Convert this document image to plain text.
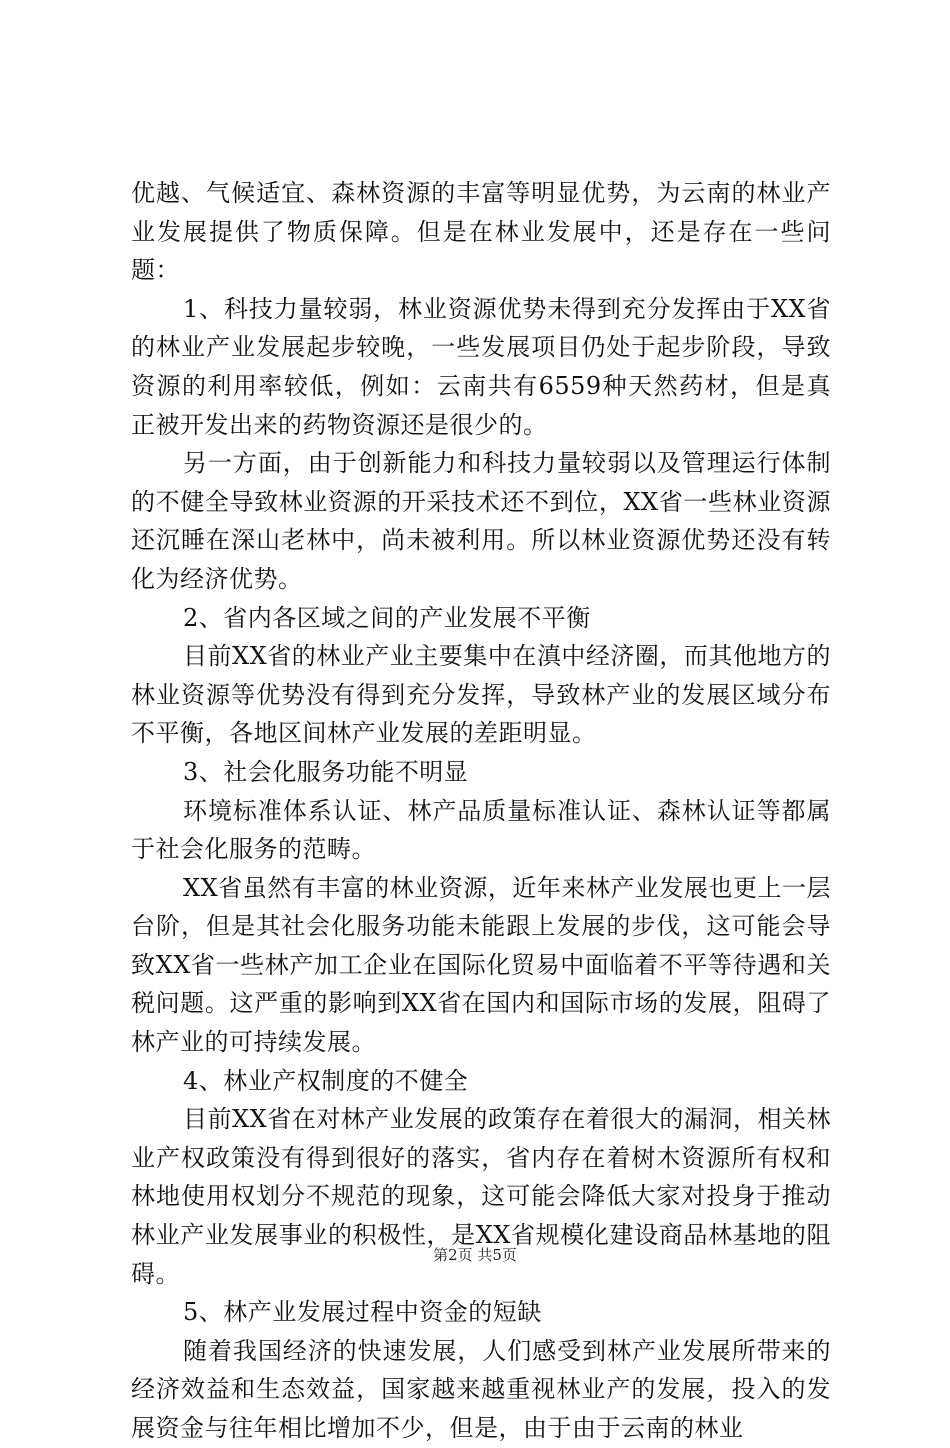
优越、气候适宜、森林资源的丰富等明显优势，为云南的林业产业发展提供了物质保障。但是在林业发展中，还是存在一些问题：

1、科技力量较弱，林业资源优势未得到充分发挥由于XX省的林业产业发展起步较晚，一些发展项目仍处于起步阶段，导致资源的利用率较低，例如：云南共有6559种天然药材，但是真正被开发出来的药物资源还是很少的。

另一方面，由于创新能力和科技力量较弱以及管理运行体制的不健全导致林业资源的开采技术还不到位，XX省一些林业资源还沉睡在深山老林中，尚未被利用。所以林业资源优势还没有转化为经济优势。

2、省内各区域之间的产业发展不平衡

目前XX省的林业产业主要集中在滇中经济圈，而其他地方的林业资源等优势没有得到充分发挥，导致林产业的发展区域分布不平衡，各地区间林产业发展的差距明显。

3、社会化服务功能不明显

环境标准体系认证、林产品质量标准认证、森林认证等都属于社会化服务的范畴。

XX省虽然有丰富的林业资源，近年来林产业发展也更上一层台阶，但是其社会化服务功能未能跟上发展的步伐，这可能会导致XX省一些林产加工企业在国际化贸易中面临着不平等待遇和关税问题。这严重的影响到XX省在国内和国际市场的发展，阻碍了林产业的可持续发展。

4、林业产权制度的不健全

目前XX省在对林产业发展的政策存在着很大的漏洞，相关林业产权政策没有得到很好的落实，省内存在着树木资源所有权和林地使用权划分不规范的现象，这可能会降低大家对投身于推动林业产业发展事业的积极性，是XX省规模化建设商品林基地的阻碍。

5、林产业发展过程中资金的短缺

随着我国经济的快速发展，人们感受到林产业发展所带来的经济效益和生态效益，国家越来越重视林业产的发展，投入的发展资金与往年相比增加不少，但是，由于由于云南的林业

第2页 共5页
